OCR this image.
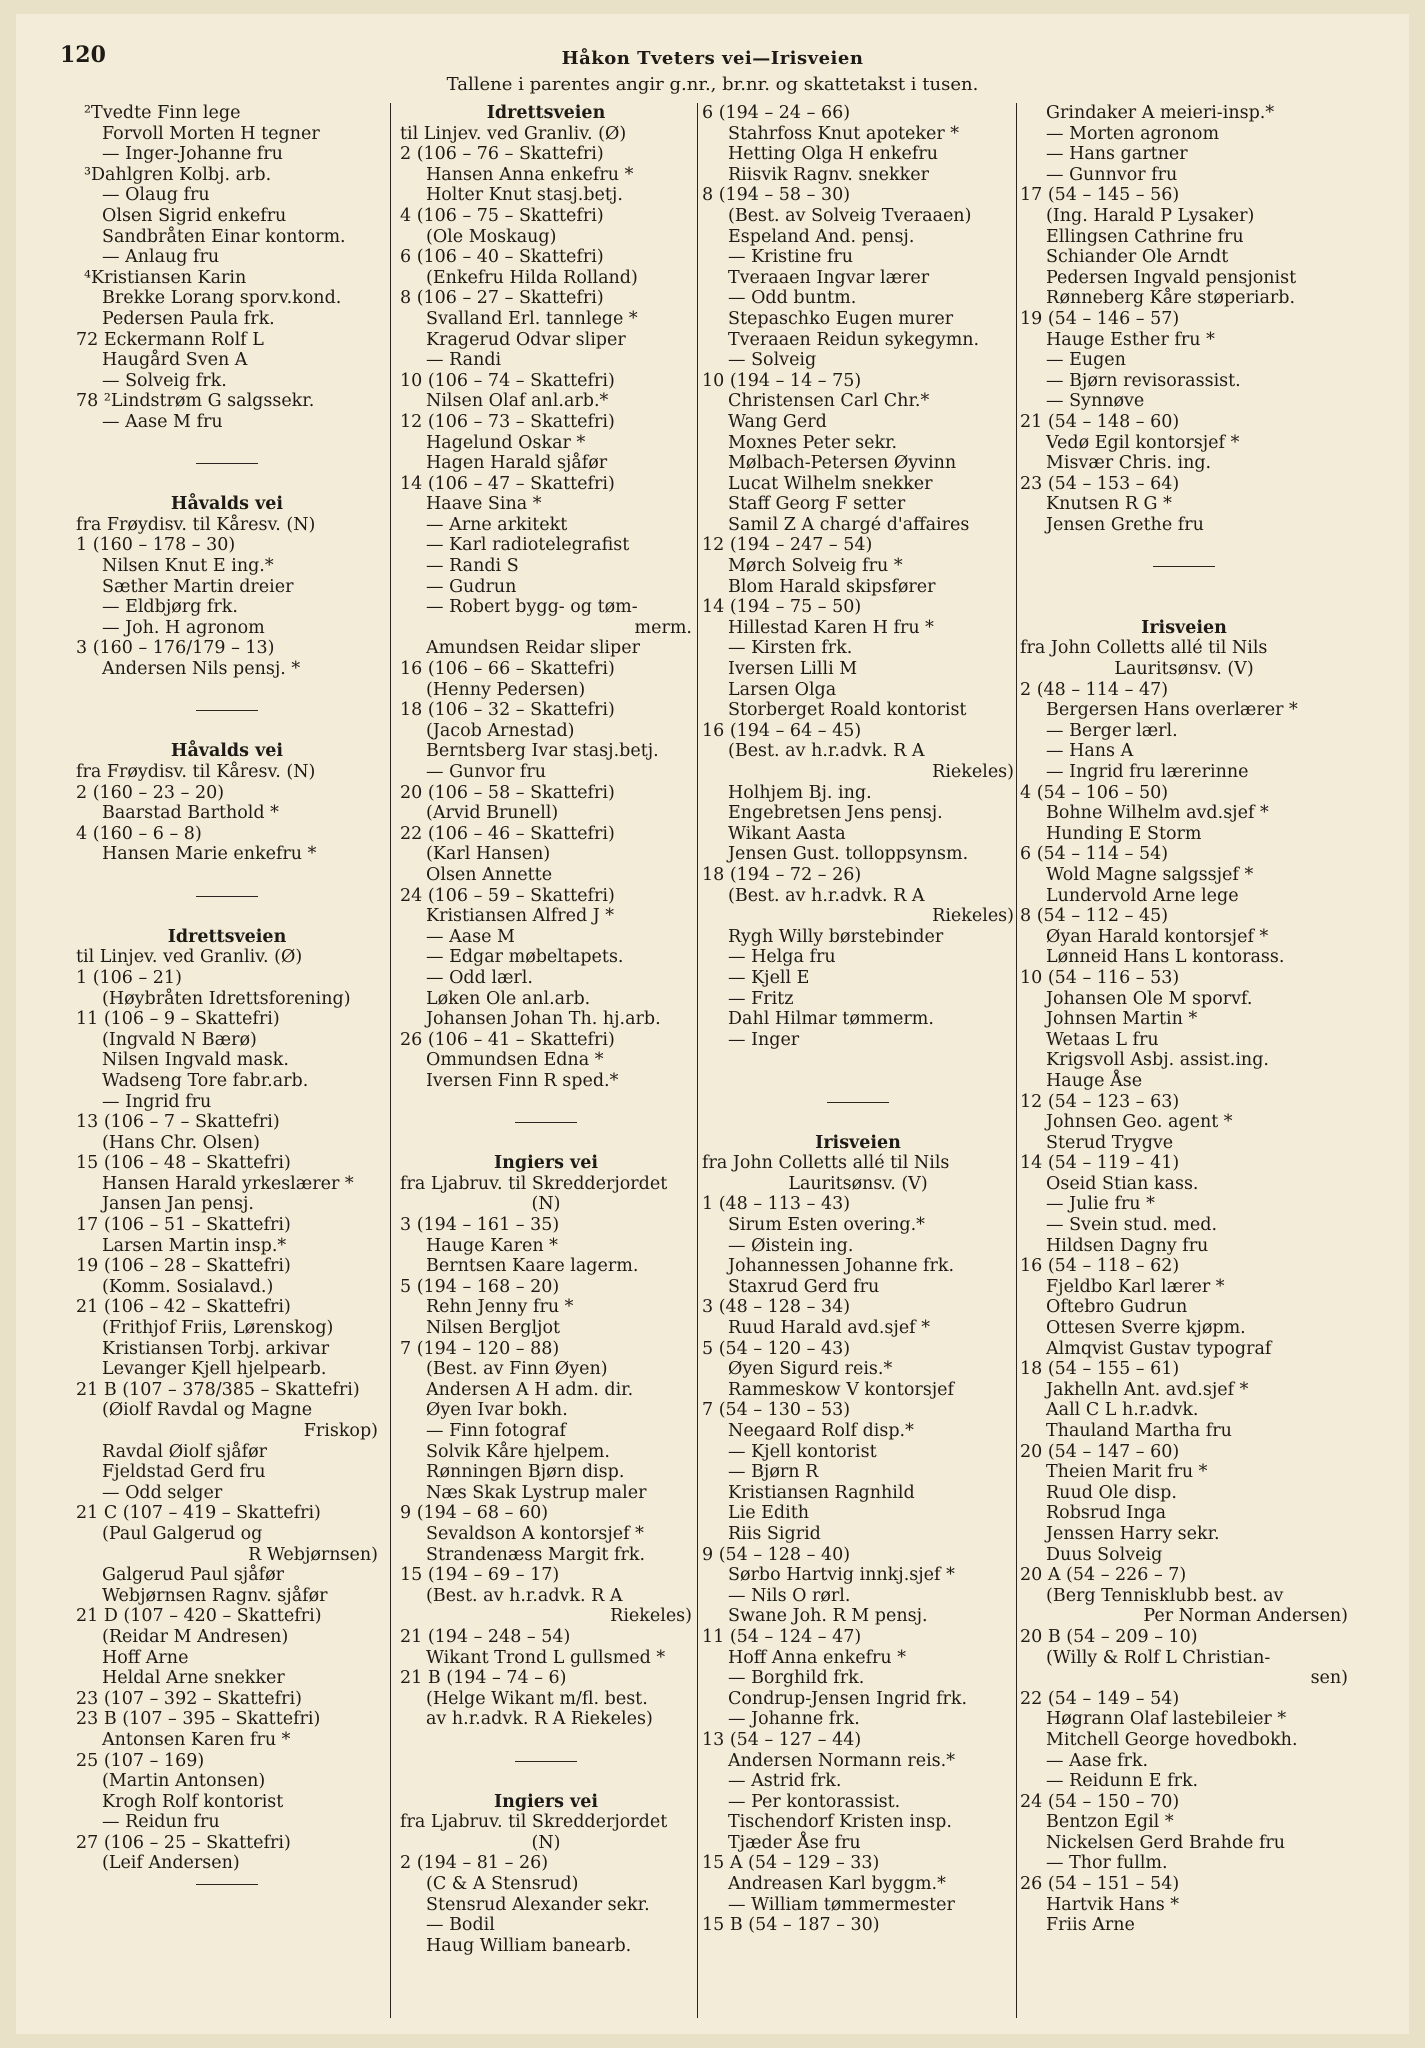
120	Håkon Tveters vei—Irisveien
Tallene i parentes angir g.nr., br.nr. og skattetakst i tusen.
²Tvedte Finn lege
Forvoll Morten H tegner
— Inger-Johanne fru
³Dahlgren Kolbj. arb.
— Olaug fru
Olsen Sigrid enkefru
Sandbråten Einar kontorm.
— Anlaug fru
⁴Kristiansen Karin
Brekke Lorang sporv.kond.
Pedersen Paula frk.
72 Eckermann Rolf L
Haugård Sven A
— Solveig frk.
78 ²Lindstrøm G salgssekr.
— Aase M fru
Håvalds vei
fra Frøydisv. til Kåresv. (N)
1 (160 – 178 – 30)
Nilsen Knut E ing.*
Sæther Martin dreier
— Eldbjørg frk.
— Joh. H agronom
3 (160 – 176/179 – 13)
Andersen Nils pensj. *
Håvalds vei
fra Frøydisv. til Kåresv. (N)
2 (160 – 23 – 20)
Baarstad Barthold *
4 (160 – 6 – 8)
Hansen Marie enkefru *
Idrettsveien
til Linjev. ved Granliv. (Ø)
1 (106 – 21)
(Høybråten Idrettsforening)
11 (106 – 9 – Skattefri)
(Ingvald N Bærø)
Nilsen Ingvald mask.
Wadseng Tore fabr.arb.
— Ingrid fru
13 (106 – 7 – Skattefri)
(Hans Chr. Olsen)
15 (106 – 48 – Skattefri)
Hansen Harald yrkeslærer *
Jansen Jan pensj.
17 (106 – 51 – Skattefri)
Larsen Martin insp.*
19 (106 – 28 – Skattefri)
(Komm. Sosialavd.)
21 (106 – 42 – Skattefri)
(Frithjof Friis, Lørenskog)
Kristiansen Torbj. arkivar
Levanger Kjell hjelpearb.
21 B (107 – 378/385 – Skattefri)
(Øiolf Ravdal og Magne
Friskop)
Ravdal Øiolf sjåfør
Fjeldstad Gerd fru
— Odd selger
21 C (107 – 419 – Skattefri)
(Paul Galgerud og
R Webjørnsen)
Galgerud Paul sjåfør
Webjørnsen Ragnv. sjåfør
21 D (107 – 420 – Skattefri)
(Reidar M Andresen)
Hoff Arne
Heldal Arne snekker
23 (107 – 392 – Skattefri)
23 B (107 – 395 – Skattefri)
Antonsen Karen fru *
25 (107 – 169)
(Martin Antonsen)
Krogh Rolf kontorist
— Reidun fru
27 (106 – 25 – Skattefri)
(Leif Andersen)
Idrettsveien
til Linjev. ved Granliv. (Ø)
2 (106 – 76 – Skattefri)
Hansen Anna enkefru *
Holter Knut stasj.betj.
4 (106 – 75 – Skattefri)
(Ole Moskaug)
6 (106 – 40 – Skattefri)
(Enkefru Hilda Rolland)
8 (106 – 27 – Skattefri)
Svalland Erl. tannlege *
Kragerud Odvar sliper
— Randi
10 (106 – 74 – Skattefri)
Nilsen Olaf anl.arb.*
12 (106 – 73 – Skattefri)
Hagelund Oskar *
Hagen Harald sjåfør
14 (106 – 47 – Skattefri)
Haave Sina *
— Arne arkitekt
— Karl radiotelegrafist
— Randi S
— Gudrun
— Robert bygg- og tøm-
merm.
Amundsen Reidar sliper
16 (106 – 66 – Skattefri)
(Henny Pedersen)
18 (106 – 32 – Skattefri)
(Jacob Arnestad)
Berntsberg Ivar stasj.betj.
— Gunvor fru
20 (106 – 58 – Skattefri)
(Arvid Brunell)
22 (106 – 46 – Skattefri)
(Karl Hansen)
Olsen Annette
24 (106 – 59 – Skattefri)
Kristiansen Alfred J *
— Aase M
— Edgar møbeltapets.
— Odd lærl.
Løken Ole anl.arb.
Johansen Johan Th. hj.arb.
26 (106 – 41 – Skattefri)
Ommundsen Edna *
Iversen Finn R sped.*
Ingiers vei
fra Ljabruv. til Skredderjordet
(N)
3 (194 – 161 – 35)
Hauge Karen *
Berntsen Kaare lagerm.
5 (194 – 168 – 20)
Rehn Jenny fru *
Nilsen Bergljot
7 (194 – 120 – 88)
(Best. av Finn Øyen)
Andersen A H adm. dir.
Øyen Ivar bokh.
— Finn fotograf
Solvik Kåre hjelpem.
Rønningen Bjørn disp.
Næs Skak Lystrup maler
9 (194 – 68 – 60)
Sevaldson A kontorsjef *
Strandenæss Margit frk.
15 (194 – 69 – 17)
(Best. av h.r.advk. R A
Riekeles)
21 (194 – 248 – 54)
Wikant Trond L gullsmed *
21 B (194 – 74 – 6)
(Helge Wikant m/fl. best.
av h.r.advk. R A Riekeles)
Ingiers vei
fra Ljabruv. til Skredderjordet
(N)
2 (194 – 81 – 26)
(C & A Stensrud)
Stensrud Alexander sekr.
— Bodil
Haug William banearb.
6 (194 – 24 – 66)
Stahrfoss Knut apoteker *
Hetting Olga H enkefru
Riisvik Ragnv. snekker
8 (194 – 58 – 30)
(Best. av Solveig Tveraaen)
Espeland And. pensj.
— Kristine fru
Tveraaen Ingvar lærer
— Odd buntm.
Stepaschko Eugen murer
Tveraaen Reidun sykegymn.
— Solveig
10 (194 – 14 – 75)
Christensen Carl Chr.*
Wang Gerd
Moxnes Peter sekr.
Mølbach-Petersen Øyvinn
Lucat Wilhelm snekker
Staff Georg F setter
Samil Z A chargé d'affaires
12 (194 – 247 – 54)
Mørch Solveig fru *
Blom Harald skipsfører
14 (194 – 75 – 50)
Hillestad Karen H fru *
— Kirsten frk.
Iversen Lilli M
Larsen Olga
Storberget Roald kontorist
16 (194 – 64 – 45)
(Best. av h.r.advk. R A
Riekeles)
Holhjem Bj. ing.
Engebretsen Jens pensj.
Wikant Aasta
Jensen Gust. tolloppsynsm.
18 (194 – 72 – 26)
(Best. av h.r.advk. R A
Riekeles)
Rygh Willy børstebinder
— Helga fru
— Kjell E
— Fritz
Dahl Hilmar tømmerm.
— Inger
Irisveien
fra John Colletts allé til Nils
Lauritsønsv. (V)
1 (48 – 113 – 43)
Sirum Esten overing.*
— Øistein ing.
Johannessen Johanne frk.
Staxrud Gerd fru
3 (48 – 128 – 34)
Ruud Harald avd.sjef *
5 (54 – 120 – 43)
Øyen Sigurd reis.*
Rammeskow V kontorsjef
7 (54 – 130 – 53)
Neegaard Rolf disp.*
— Kjell kontorist
— Bjørn R
Kristiansen Ragnhild
Lie Edith
Riis Sigrid
9 (54 – 128 – 40)
Sørbo Hartvig innkj.sjef *
— Nils O rørl.
Swane Joh. R M pensj.
11 (54 – 124 – 47)
Hoff Anna enkefru *
— Borghild frk.
Condrup-Jensen Ingrid frk.
— Johanne frk.
13 (54 – 127 – 44)
Andersen Normann reis.*
— Astrid frk.
— Per kontorassist.
Tischendorf Kristen insp.
Tjæder Åse fru
15 A (54 – 129 – 33)
Andreasen Karl byggm.*
— William tømmermester
15 B (54 – 187 – 30)
Grindaker A meieri-insp.*
— Morten agronom
— Hans gartner
— Gunnvor fru
17 (54 – 145 – 56)
(Ing. Harald P Lysaker)
Ellingsen Cathrine fru
Schiander Ole Arndt
Pedersen Ingvald pensjonist
Rønneberg Kåre støperiarb.
19 (54 – 146 – 57)
Hauge Esther fru *
— Eugen
— Bjørn revisorassist.
— Synnøve
21 (54 – 148 – 60)
Vedø Egil kontorsjef *
Misvær Chris. ing.
23 (54 – 153 – 64)
Knutsen R G *
Jensen Grethe fru
Irisveien
fra John Colletts allé til Nils
Lauritsønsv. (V)
2 (48 – 114 – 47)
Bergersen Hans overlærer *
— Berger lærl.
— Hans A
— Ingrid fru lærerinne
4 (54 – 106 – 50)
Bohne Wilhelm avd.sjef *
Hunding E Storm
6 (54 – 114 – 54)
Wold Magne salgssjef *
Lundervold Arne lege
8 (54 – 112 – 45)
Øyan Harald kontorsjef *
Lønneid Hans L kontorass.
10 (54 – 116 – 53)
Johansen Ole M sporvf.
Johnsen Martin *
Wetaas L fru
Krigsvoll Asbj. assist.ing.
Hauge Åse
12 (54 – 123 – 63)
Johnsen Geo. agent *
Sterud Trygve
14 (54 – 119 – 41)
Oseid Stian kass.
— Julie fru *
— Svein stud. med.
Hildsen Dagny fru
16 (54 – 118 – 62)
Fjeldbo Karl lærer *
Oftebro Gudrun
Ottesen Sverre kjøpm.
Almqvist Gustav typograf
18 (54 – 155 – 61)
Jakhelln Ant. avd.sjef *
Aall C L h.r.advk.
Thauland Martha fru
20 (54 – 147 – 60)
Theien Marit fru *
Ruud Ole disp.
Robsrud Inga
Jenssen Harry sekr.
Duus Solveig
20 A (54 – 226 – 7)
(Berg Tennisklubb best. av
Per Norman Andersen)
20 B (54 – 209 – 10)
(Willy & Rolf L Christian-
sen)
22 (54 – 149 – 54)
Høgrann Olaf lastebileier *
Mitchell George hovedbokh.
— Aase frk.
— Reidunn E frk.
24 (54 – 150 – 70)
Bentzon Egil *
Nickelsen Gerd Brahde fru
— Thor fullm.
26 (54 – 151 – 54)
Hartvik Hans *
Friis Arne
